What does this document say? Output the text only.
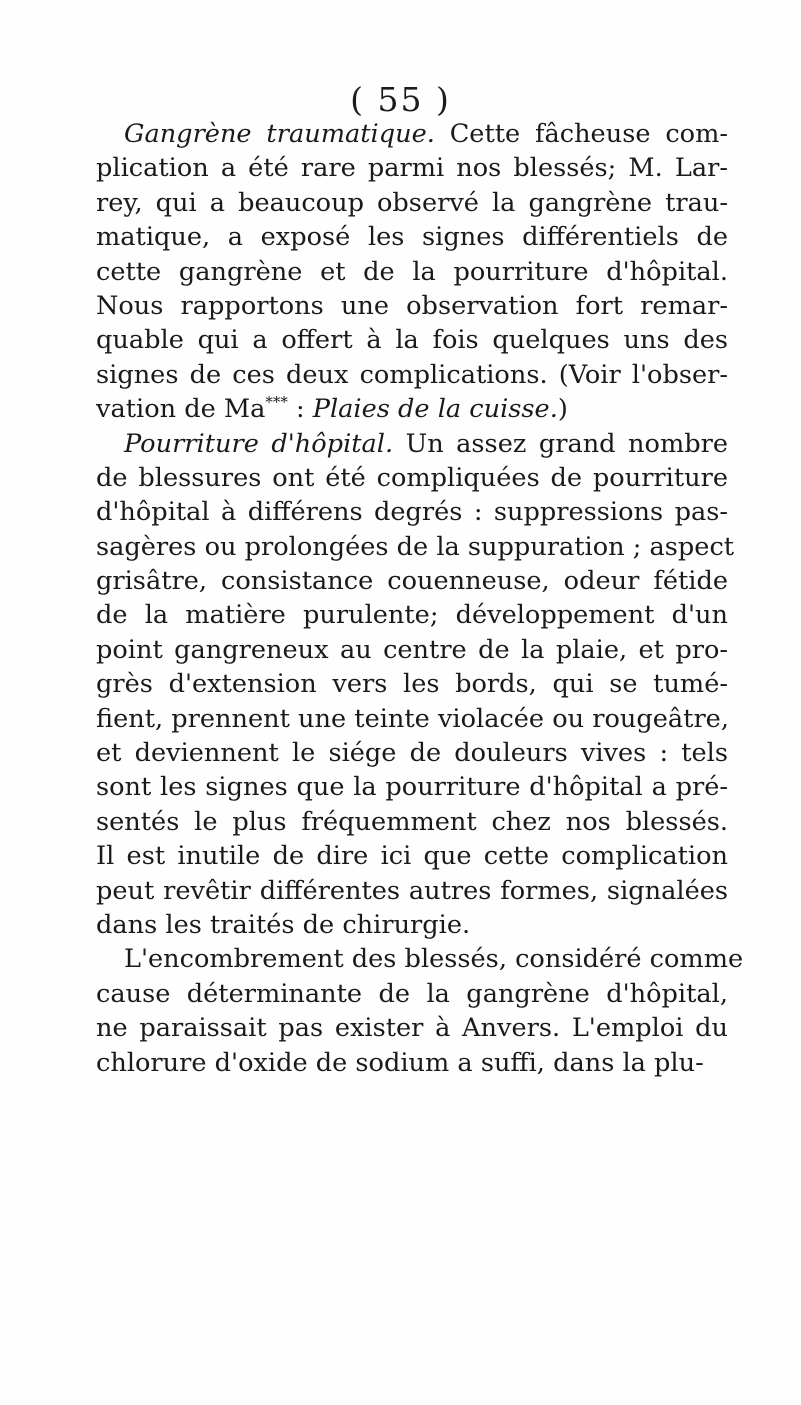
( 55 )
Gangrène traumatique. Cette fâcheuse com-
plication a été rare parmi nos blessés; M. Lar-
rey, qui a beaucoup observé la gangrène trau-
matique, a exposé les signes différentiels de
cette gangrène et de la pourriture d'hôpital.
Nous rapportons une observation fort remar-
quable qui a offert à la fois quelques uns des
signes de ces deux complications. (Voir l'obser-
vation de Ma*** : Plaies de la cuisse.)
Pourriture d'hôpital. Un assez grand nombre
de blessures ont été compliquées de pourriture
d'hôpital à différens degrés : suppressions pas-
sagères ou prolongées de la suppuration ; aspect
grisâtre, consistance couenneuse, odeur fétide
de la matière purulente; développement d'un
point gangreneux au centre de la plaie, et pro-
grès d'extension vers les bords, qui se tumé-
fient, prennent une teinte violacée ou rougeâtre,
et deviennent le siége de douleurs vives : tels
sont les signes que la pourriture d'hôpital a pré-
sentés le plus fréquemment chez nos blessés.
Il est inutile de dire ici que cette complication
peut revêtir différentes autres formes, signalées
dans les traités de chirurgie.
L'encombrement des blessés, considéré comme
cause déterminante de la gangrène d'hôpital,
ne paraissait pas exister à Anvers. L'emploi du
chlorure d'oxide de sodium a suffi, dans la plu-
